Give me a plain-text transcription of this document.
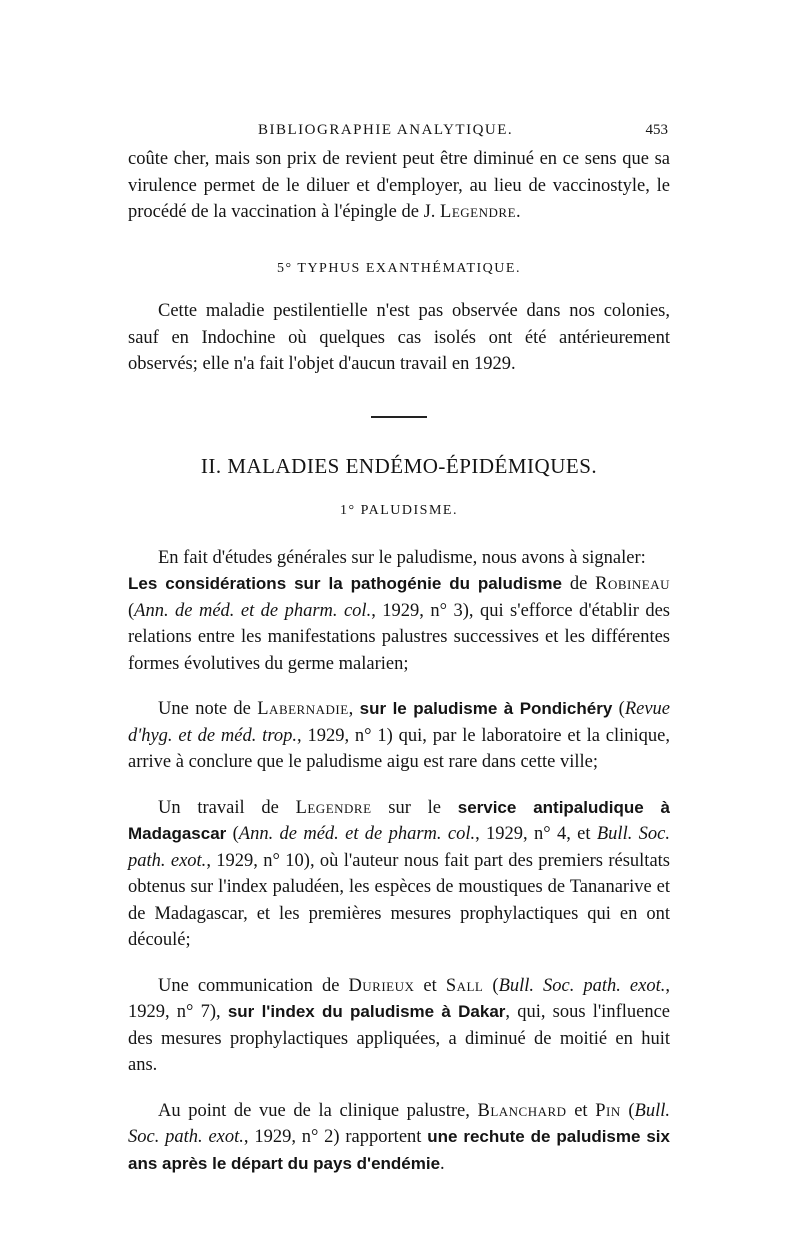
BIBLIOGRAPHIE ANALYTIQUE.	453

coûte cher, mais son prix de revient peut être diminué en ce sens que sa virulence permet de le diluer et d'employer, au lieu de vaccinostyle, le procédé de la vaccination à l'épingle de J. Legendre.

5° TYPHUS EXANTHÉMATIQUE.

Cette maladie pestilentielle n'est pas observée dans nos colonies, sauf en Indochine où quelques cas isolés ont été antérieurement observés; elle n'a fait l'objet d'aucun travail en 1929.

II. MALADIES ENDÉMO-ÉPIDÉMIQUES.

1° PALUDISME.

En fait d'études générales sur le paludisme, nous avons à signaler:

Les considérations sur la pathogénie du paludisme de Robineau (Ann. de méd. et de pharm. col., 1929, n° 3), qui s'efforce d'établir des relations entre les manifestations palustres successives et les différentes formes évolutives du germe malarien;

Une note de Labernadie, sur le paludisme à Pondichéry (Revue d'hyg. et de méd. trop., 1929, n° 1) qui, par le laboratoire et la clinique, arrive à conclure que le paludisme aigu est rare dans cette ville;

Un travail de Legendre sur le service antipaludique à Madagascar (Ann. de méd. et de pharm. col., 1929, n° 4, et Bull. Soc. path. exot., 1929, n° 10), où l'auteur nous fait part des premiers résultats obtenus sur l'index paludéen, les espèces de moustiques de Tananarive et de Madagascar, et les premières mesures prophylactiques qui en ont découlé;

Une communication de Durieux et Sall (Bull. Soc. path. exot., 1929, n° 7), sur l'index du paludisme à Dakar, qui, sous l'influence des mesures prophylactiques appliquées, a diminué de moitié en huit ans.

Au point de vue de la clinique palustre, Blanchard et Pin (Bull. Soc. path. exot., 1929, n° 2) rapportent une rechute de paludisme six ans après le départ du pays d'endémie.
